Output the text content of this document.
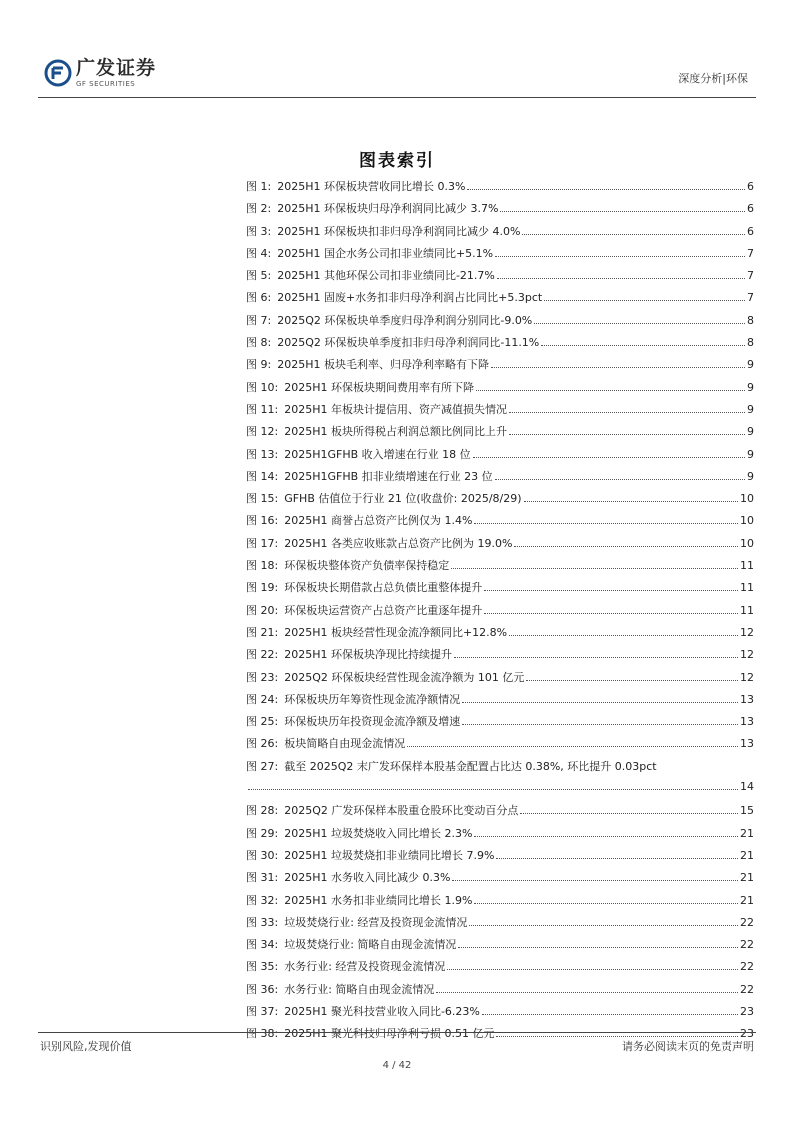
广发证券
GF SECURITIES	深度分析|环保
图表索引
图 1: 2025H1 环保板块营收同比增长 0.3%	6
图 2: 2025H1 环保板块归母净利润同比减少 3.7%	6
图 3: 2025H1 环保板块扣非归母净利润同比减少 4.0%	6
图 4: 2025H1 国企水务公司扣非业绩同比+5.1%	7
图 5: 2025H1 其他环保公司扣非业绩同比-21.7%	7
图 6: 2025H1 固废+水务扣非归母净利润占比同比+5.3pct	7
图 7: 2025Q2 环保板块单季度归母净利润分别同比-9.0%	8
图 8: 2025Q2 环保板块单季度扣非归母净利润同比-11.1%	8
图 9: 2025H1 板块毛利率、归母净利率略有下降	9
图 10: 2025H1 环保板块期间费用率有所下降	9
图 11: 2025H1 年板块计提信用、资产减值损失情况	9
图 12: 2025H1 板块所得税占利润总额比例同比上升	9
图 13: 2025H1GFHB 收入增速在行业 18 位	9
图 14: 2025H1GFHB 扣非业绩增速在行业 23 位	9
图 15: GFHB 估值位于行业 21 位(收盘价: 2025/8/29)	10
图 16: 2025H1 商誉占总资产比例仅为 1.4%	10
图 17: 2025H1 各类应收账款占总资产比例为 19.0%	10
图 18: 环保板块整体资产负债率保持稳定	11
图 19: 环保板块长期借款占总负债比重整体提升	11
图 20: 环保板块运营资产占总资产比重逐年提升	11
图 21: 2025H1 板块经营性现金流净额同比+12.8%	12
图 22: 2025H1 环保板块净现比持续提升	12
图 23: 2025Q2 环保板块经营性现金流净额为 101 亿元	12
图 24: 环保板块历年筹资性现金流净额情况	13
图 25: 环保板块历年投资现金流净额及增速	13
图 26: 板块简略自由现金流情况	13
图 27: 截至 2025Q2 末广发环保样本股基金配置占比达 0.38%, 环比提升 0.03pct
14
图 28: 2025Q2 广发环保样本股重仓股环比变动百分点	15
图 29: 2025H1 垃圾焚烧收入同比增长 2.3%	21
图 30: 2025H1 垃圾焚烧扣非业绩同比增长 7.9%	21
图 31: 2025H1 水务收入同比减少 0.3%	21
图 32: 2025H1 水务扣非业绩同比增长 1.9%	21
图 33: 垃圾焚烧行业: 经营及投资现金流情况	22
图 34: 垃圾焚烧行业: 简略自由现金流情况	22
图 35: 水务行业: 经营及投资现金流情况	22
图 36: 水务行业: 简略自由现金流情况	22
图 37: 2025H1 聚光科技营业收入同比-6.23%	23
图 38: 2025H1 聚光科技归母净利亏损 0.51 亿元	23
识别风险,发现价值	请务必阅读末页的免责声明
4 / 42
